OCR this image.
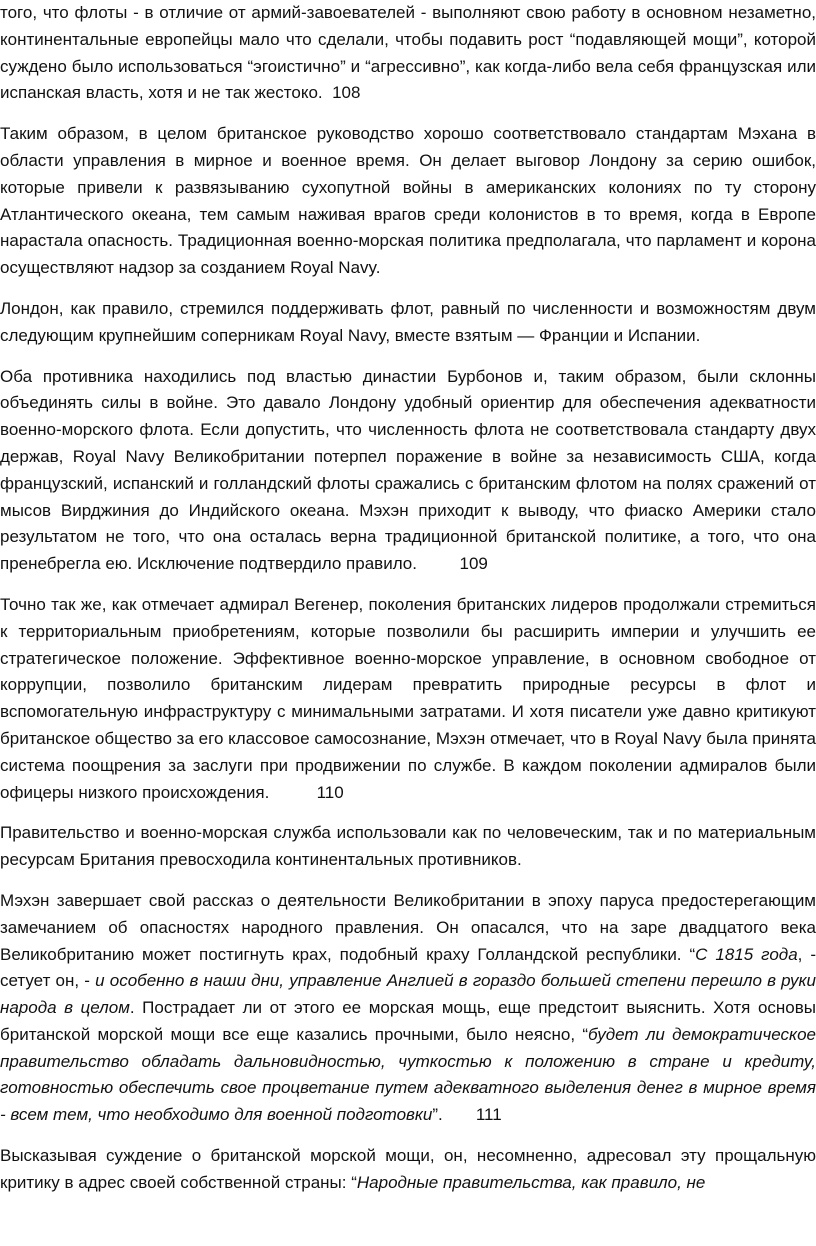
того, что флоты - в отличие от армий-завоевателей - выполняют свою работу в основном незаметно, континентальные европейцы мало что сделали, чтобы подавить рост “подавляющей мощи”, которой суждено было использоваться “эгоистично” и “агрессивно”, как когда-либо вела себя французская или испанская власть, хотя и не так жестоко.  108

Таким образом, в целом британское руководство хорошо соответствовало стандартам Мэхана в области управления в мирное и военное время. Он делает выговор Лондону за серию ошибок, которые привели к развязыванию сухопутной войны в американских колониях по ту сторону Атлантического океана, тем самым наживая врагов среди колонистов в то время, когда в Европе нарастала опасность. Традиционная военно-морская политика предполагала, что парламент и корона осуществляют надзор за созданием Royal Navy.

Лондон, как правило, стремился поддерживать флот, равный по численности и возможностям двум следующим крупнейшим соперникам Royal Navy, вместе взятым — Франции и Испании.

Оба противника находились под властью династии Бурбонов и, таким образом, были склонны объединять силы в войне. Это давало Лондону удобный ориентир для обеспечения адекватности военно-морского флота. Если допустить, что численность флота не соответствовала стандарту двух держав, Royal Navy Великобритании потерпел поражение в войне за независимость США, когда французский, испанский и голландский флоты сражались с британским флотом на полях сражений от мысов Вирджиния до Индийского океана. Мэхэн приходит к выводу, что фиаско Америки стало результатом не того, что она осталась верна традиционной британской политике, а того, что она пренебрегла ею. Исключение подтвердило правило.         109

Точно так же, как отмечает адмирал Вегенер, поколения британских лидеров продолжали стремиться к территориальным приобретениям, которые позволили бы расширить империи и улучшить ее стратегическое положение. Эффективное военно-морское управление, в основном свободное от коррупции, позволило британским лидерам превратить природные ресурсы в флот и вспомогательную инфраструктуру с минимальными затратами. И хотя писатели уже давно критикуют британское общество за его классовое самосознание, Мэхэн отмечает, что в Royal Navy была принята система поощрения за заслуги при продвижении по службе. В каждом поколении адмиралов были офицеры низкого происхождения.          110

Правительство и военно-морская служба использовали как по человеческим, так и по материальным ресурсам Британия превосходила континентальных противников.

Мэхэн завершает свой рассказ о деятельности Великобритании в эпоху паруса предостерегающим замечанием об опасностях народного правления. Он опасался, что на заре двадцатого века Великобританию может постигнуть крах, подобный краху Голландской республики. “С 1815 года, - сетует он, - и особенно в наши дни, управление Англией в гораздо большей степени перешло в руки народа в целом. Пострадает ли от этого ее морская мощь, еще предстоит выяснить. Хотя основы британской морской мощи все еще казались прочными, было неясно, “будет ли демократическое правительство обладать дальновидностью, чуткостью к положению в стране и кредиту, готовностью обеспечить свое процветание путем адекватного выделения денег в мирное время - всем тем, что необходимо для военной подготовки”.       111

Высказывая суждение о британской морской мощи, он, несомненно, адресовал эту прощальную критику в адрес своей собственной страны: “Народные правительства, как правило, не
